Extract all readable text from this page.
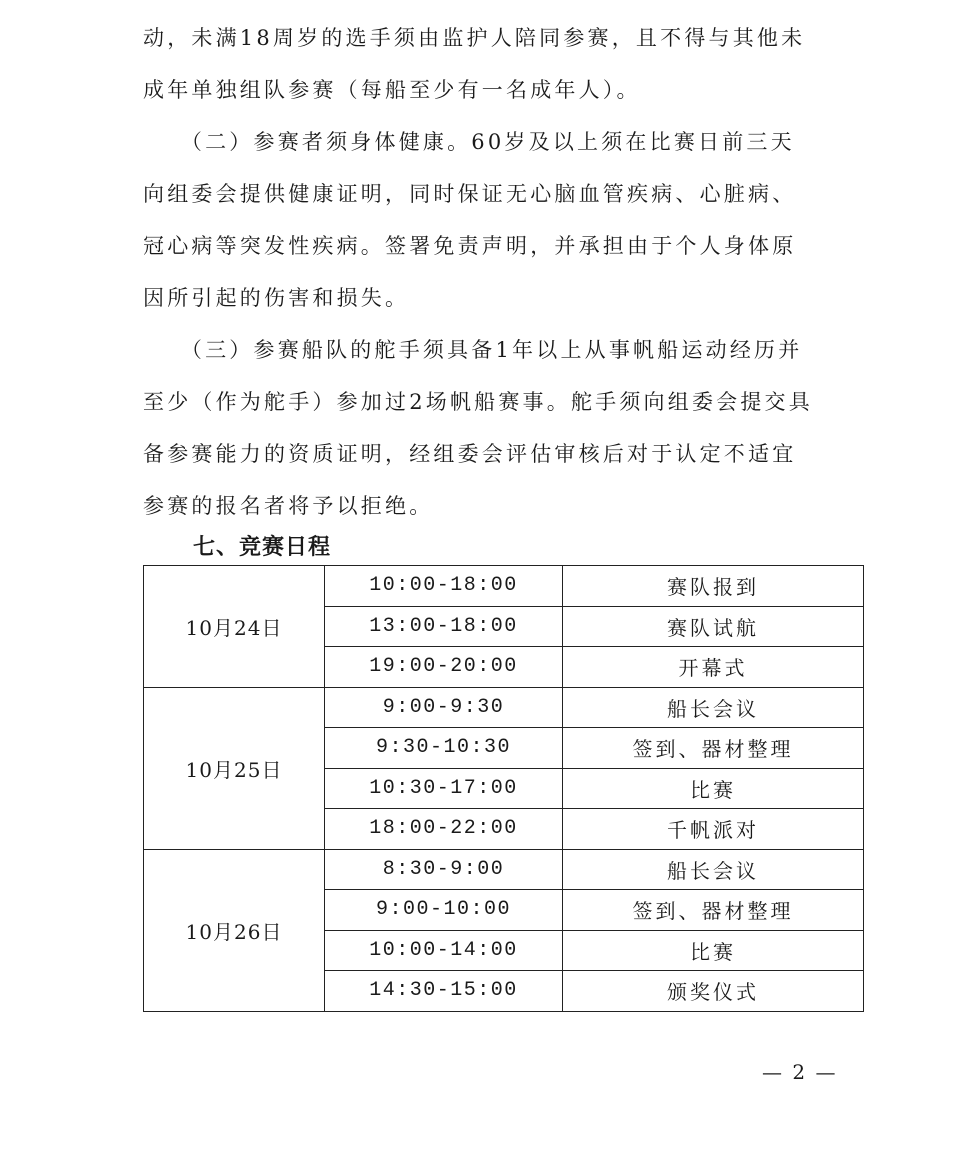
动，未满18周岁的选手须由监护人陪同参赛，且不得与其他未
成年单独组队参赛（每船至少有一名成年人）。
　　（二）参赛者须身体健康。60岁及以上须在比赛日前三天
向组委会提供健康证明，同时保证无心脑血管疾病、心脏病、
冠心病等突发性疾病。签署免责声明，并承担由于个人身体原
因所引起的伤害和损失。
　　（三）参赛船队的舵手须具备1年以上从事帆船运动经历并
至少（作为舵手）参加过2场帆船赛事。舵手须向组委会提交具
备参赛能力的资质证明，经组委会评估审核后对于认定不适宜
参赛的报名者将予以拒绝。
七、竞赛日程
10月24日	10:00-18:00	赛队报到
	13:00-18:00	赛队试航
	19:00-20:00	开幕式
10月25日	9:00-9:30	船长会议
	9:30-10:30	签到、器材整理
	10:30-17:00	比赛
	18:00-22:00	千帆派对
10月26日	8:30-9:00	船长会议
	9:00-10:00	签到、器材整理
	10:00-14:00	比赛
	14:30-15:00	颁奖仪式
— 2 —
